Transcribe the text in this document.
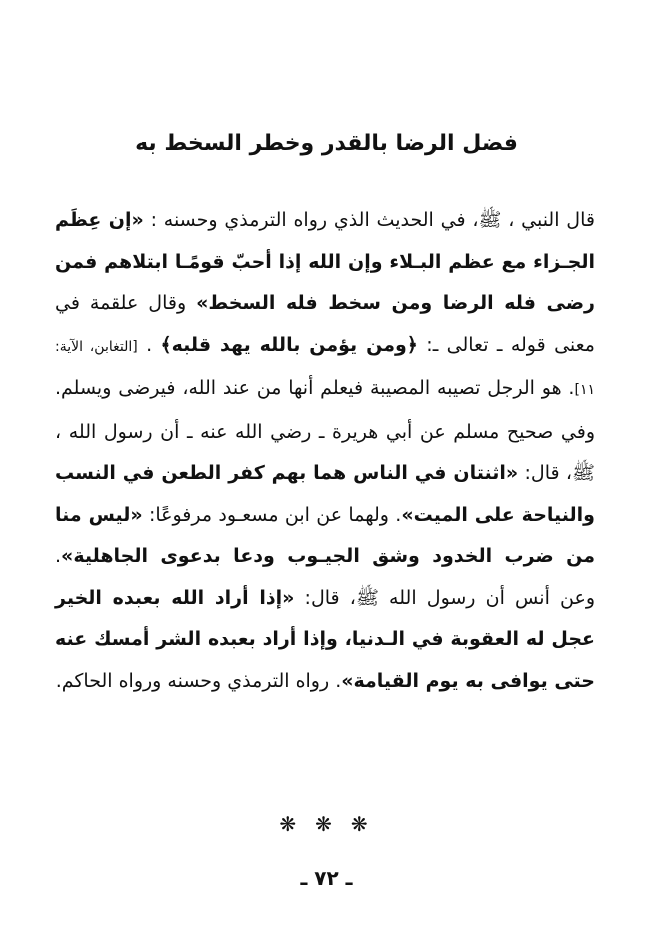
فضل الرضا بالقدر وخطر السخط به
قال النبي ، ﷺ، في الحديث الذي رواه الترمذي وحسنه : «إن عِظَم الجـزاء مع عظم البـلاء وإن الله إذا أحبّ قومًـا ابتلاهم فمن رضى فله الرضا ومن سخط فله السخط» وقال علقمة في معنى قوله ـ تعالى ـ: ﴿ومن يؤمن بالله يهد قلبه﴾ . [التغابن، الآية: ١١]. هو الرجل تصيبه المصيبة فيعلم أنها من عند الله، فيرضى ويسلم. وفي صحيح مسلم عن أبي هريرة ـ رضي الله عنه ـ أن رسول الله ، ﷺ، قال: «اثنتان في الناس هما بهم كفر الطعن في النسب والنياحة على الميت». ولهما عن ابن مسعـود مرفوعًا: «ليس منا من ضرب الخدود وشق الجيـوب ودعا بدعوى الجاهلية». وعن أنس أن رسول الله ﷺ، قال: «إذا أراد الله بعبده الخير عجل له العقوبة في الـدنيا، وإذا أراد بعبده الشر أمسك عنه حتى يوافى به يوم القيامة». رواه الترمذي وحسنه ورواه الحاكم.
❋ ❋ ❋
ـ ٧٢ ـ
